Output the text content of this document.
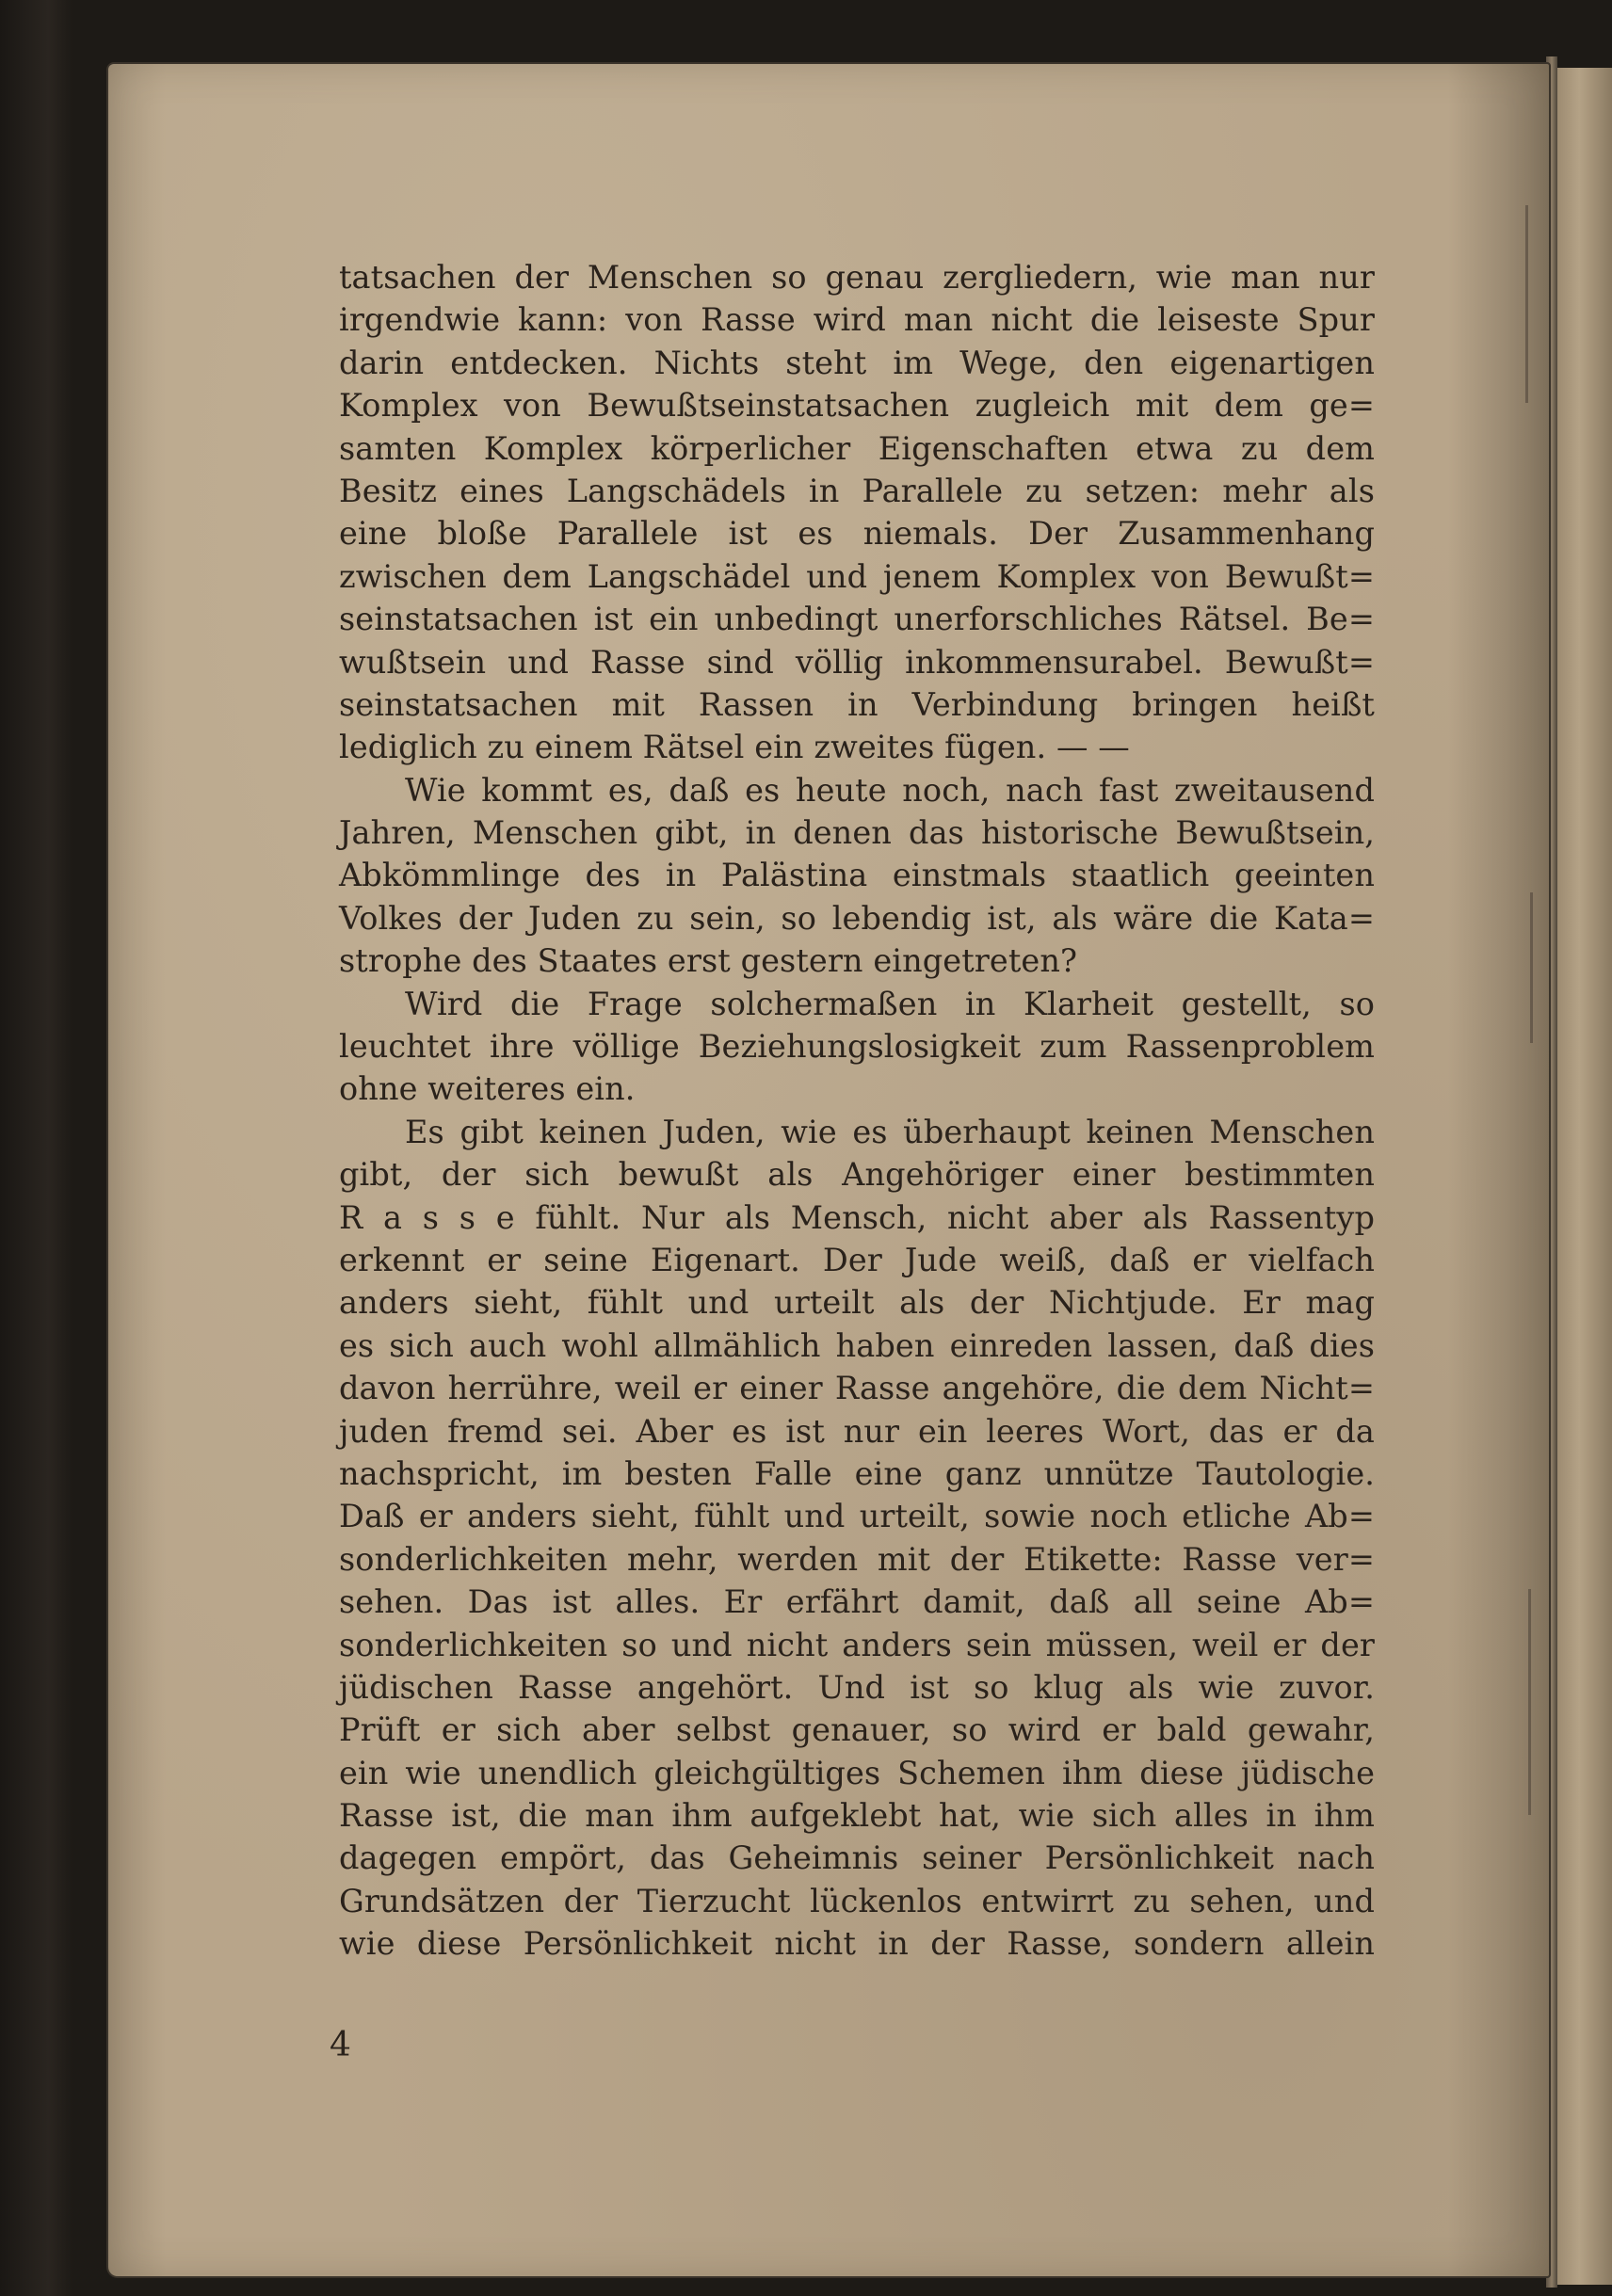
tatsachen der Menschen so genau zergliedern, wie man nur
irgendwie kann: von Rasse wird man nicht die leiseste Spur
darin entdecken. Nichts steht im Wege, den eigenartigen
Komplex von Bewußtseinstatsachen zugleich mit dem ge=
samten Komplex körperlicher Eigenschaften etwa zu dem
Besitz eines Langschädels in Parallele zu setzen: mehr als
eine bloße Parallele ist es niemals. Der Zusammenhang
zwischen dem Langschädel und jenem Komplex von Bewußt=
seinstatsachen ist ein unbedingt unerforschliches Rätsel. Be=
wußtsein und Rasse sind völlig inkommensurabel. Bewußt=
seinstatsachen mit Rassen in Verbindung bringen heißt
lediglich zu einem Rätsel ein zweites fügen. — —
Wie kommt es, daß es heute noch, nach fast zweitausend
Jahren, Menschen gibt, in denen das historische Bewußtsein,
Abkömmlinge des in Palästina einstmals staatlich geeinten
Volkes der Juden zu sein, so lebendig ist, als wäre die Kata=
strophe des Staates erst gestern eingetreten?
Wird die Frage solchermaßen in Klarheit gestellt, so
leuchtet ihre völlige Beziehungslosigkeit zum Rassenproblem
ohne weiteres ein.
Es gibt keinen Juden, wie es überhaupt keinen Menschen
gibt, der sich bewußt als Angehöriger einer bestimmten
R a s s e fühlt. Nur als Mensch, nicht aber als Rassentyp
erkennt er seine Eigenart. Der Jude weiß, daß er vielfach
anders sieht, fühlt und urteilt als der Nichtjude. Er mag
es sich auch wohl allmählich haben einreden lassen, daß dies
davon herrühre, weil er einer Rasse angehöre, die dem Nicht=
juden fremd sei. Aber es ist nur ein leeres Wort, das er da
nachspricht, im besten Falle eine ganz unnütze Tautologie.
Daß er anders sieht, fühlt und urteilt, sowie noch etliche Ab=
sonderlichkeiten mehr, werden mit der Etikette: Rasse ver=
sehen. Das ist alles. Er erfährt damit, daß all seine Ab=
sonderlichkeiten so und nicht anders sein müssen, weil er der
jüdischen Rasse angehört. Und ist so klug als wie zuvor.
Prüft er sich aber selbst genauer, so wird er bald gewahr,
ein wie unendlich gleichgültiges Schemen ihm diese jüdische
Rasse ist, die man ihm aufgeklebt hat, wie sich alles in ihm
dagegen empört, das Geheimnis seiner Persönlichkeit nach
Grundsätzen der Tierzucht lückenlos entwirrt zu sehen, und
wie diese Persönlichkeit nicht in der Rasse, sondern allein
4
